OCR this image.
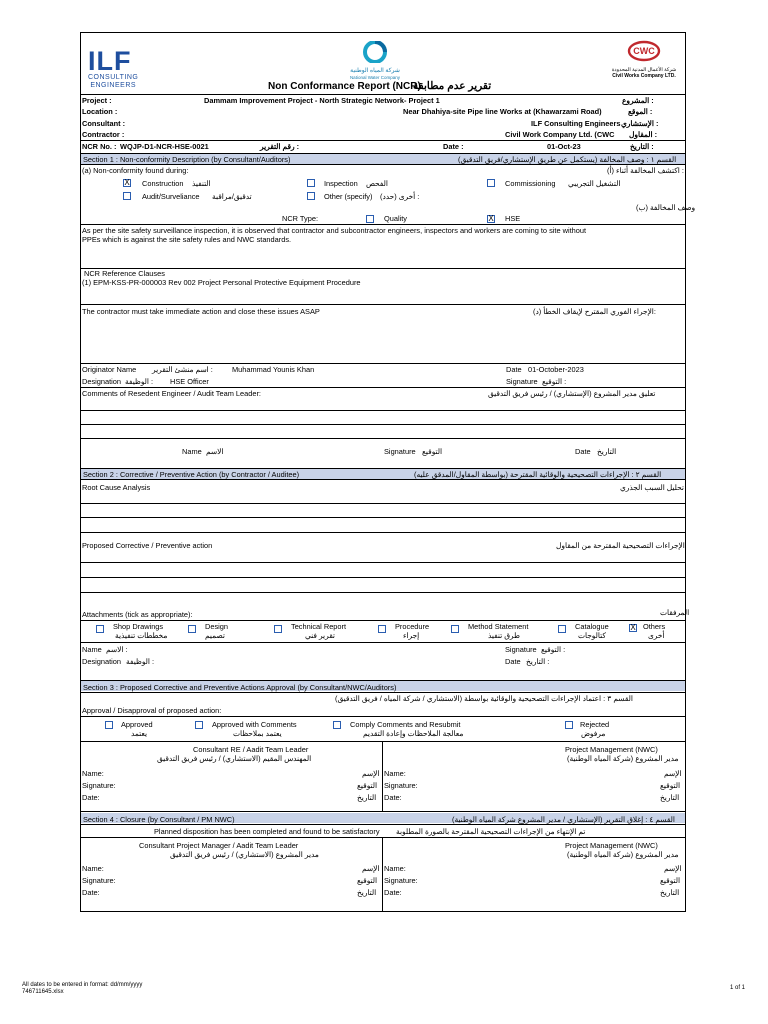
ILF
CONSULTING
ENGINEERS
شركة المياه الوطنية
National Water Company
CWC
شركة الأعمال المدنية المحدودة
Civil Works Company LTD.
Non Conformance Report (NCR)
تقرير عدم مطابقة
Project :	Dammam Improvement Project - North Strategic Network- Project 1	المشروع :
Location :	Near Dhahiya-site Pipe line Works at (Khawarzami Road)	الموقع :
Consultant :	ILF Consulting Engineers الإستشاري :
Contractor :	Civil Work Company Ltd. (CWC المقاول :
NCR No. : WQJP-D1-NCR-HSE-0021	رقم التقرير :	Date :	01-Oct-23	التاريخ :
Section 1 : Non-conformity Description (by Consultant/Auditors)	القسم ١ : وصف المخالفة (يستكمل عن طريق الإستشاري/فريق التدقيق)
(a) Non-conformity found during:	(أ) اكتشف المخالفة أثناء :
X Construction التنفيذ	Inspection الفحص	Commissioning التشغيل التجريبي
Audit/Surveliance تدقيق/مراقبة	Other (specify) أخرى (حدد) :
(ب) وصف المخالفة
NCR Type:	Quality	X HSE
As per the site safety surveillance inspection, it is observed that contractor and subcontractor engineers, inspectors and workers are coming to site without
PPEs which is against the site safety rules and NWC standards.
NCR Reference Clauses
(1) EPM-KSS-PR-000003 Rev 002 Project Personal Protective Equipment Procedure
The contractor must take immediate action and close these issues ASAP	(د) الإجراء الفوري المقترح لإيقاف الخطأ:
Originator Name اسم منشئ التقرير :	Muhammad Younis Khan	Date 01-October-2023
Designation الوظيفة : HSE Officer	Signature التوقيع :
Comments of Resedent Engineer / Audit Team Leader:	تعليق مدير المشروع (الإستشاري) / رئيس فريق التدقيق
Name الاسم	Signature التوقيع	Date التاريخ
Section 2 : Corrective / Preventive Action (by Contractor / Auditee)	القسم ٢ : الإجراءات التصحيحية والوقائية المقترحة (بواسطة المقاول/المدقق عليه)
Root Cause Analysis	تحليل السبب الجذري
Proposed Corrective / Preventive action	الإجراءات التصحيحية المقترحة من المقاول
Attachments (tick as appropriate):	المرفقات
Shop Drawings
مخططات تنفيذية
Design
تصميم
Technical Report
تقرير فني
Procedure
إجراء
Method Statement
طرق تنفيذ
Catalogue
كتالوجات
X Others
أخرى
Name الاسم :	Signature التوقيع :
Designation الوظيفة :	Date التاريخ :
Section 3 : Proposed Corrective and Preventive Actions Approval (by Consultant/NWC/Auditors)
القسم ٣ : اعتماد الإجراءات التصحيحية والوقائية بواسطة (الاستشاري / شركة المياه / فريق التدقيق)
Approval / Disapproval of proposed action:
Approved
يعتمد
Approved with Comments
يعتمد بملاحظات
Comply Comments and Resubmit
معالجة الملاحظات وإعادة التقديم
Rejected
مرفوض
Consultant RE / Aadit Team Leader
المهندس المقيم (الاستشاري) / رئيس فريق التدقيق
Project Management (NWC)
مدير المشروع (شركة المياه الوطنية)
Name:	الإسم Name:	الإسم
Signature:	التوقيع Signature:	التوقيع
Date:	التاريخ Date:	التاريخ
Section 4 : Closure (by Consultant / PM NWC)	القسم ٤ : إغلاق التقرير (الإستشاري / مدير المشروع شركة المياه الوطنية)
Planned disposition has been completed and found to be satisfactory تم الإنتهاء من الإجراءات التصحيحية المقترحة بالصورة المطلوبة
Consultant Project Manager / Aadit Team Leader
مدير المشروع (الاستشاري) / رئيس فريق التدقيق
Project Management (NWC)
مدير المشروع (شركة المياه الوطنية)
Name:	الإسم Name:	الإسم
Signature:	التوقيع Signature:	التوقيع
Date:	التاريخ Date:	التاريخ
All dates to be entered in format: dd/mm/yyyy
746711645.xlsx
1 of 1
